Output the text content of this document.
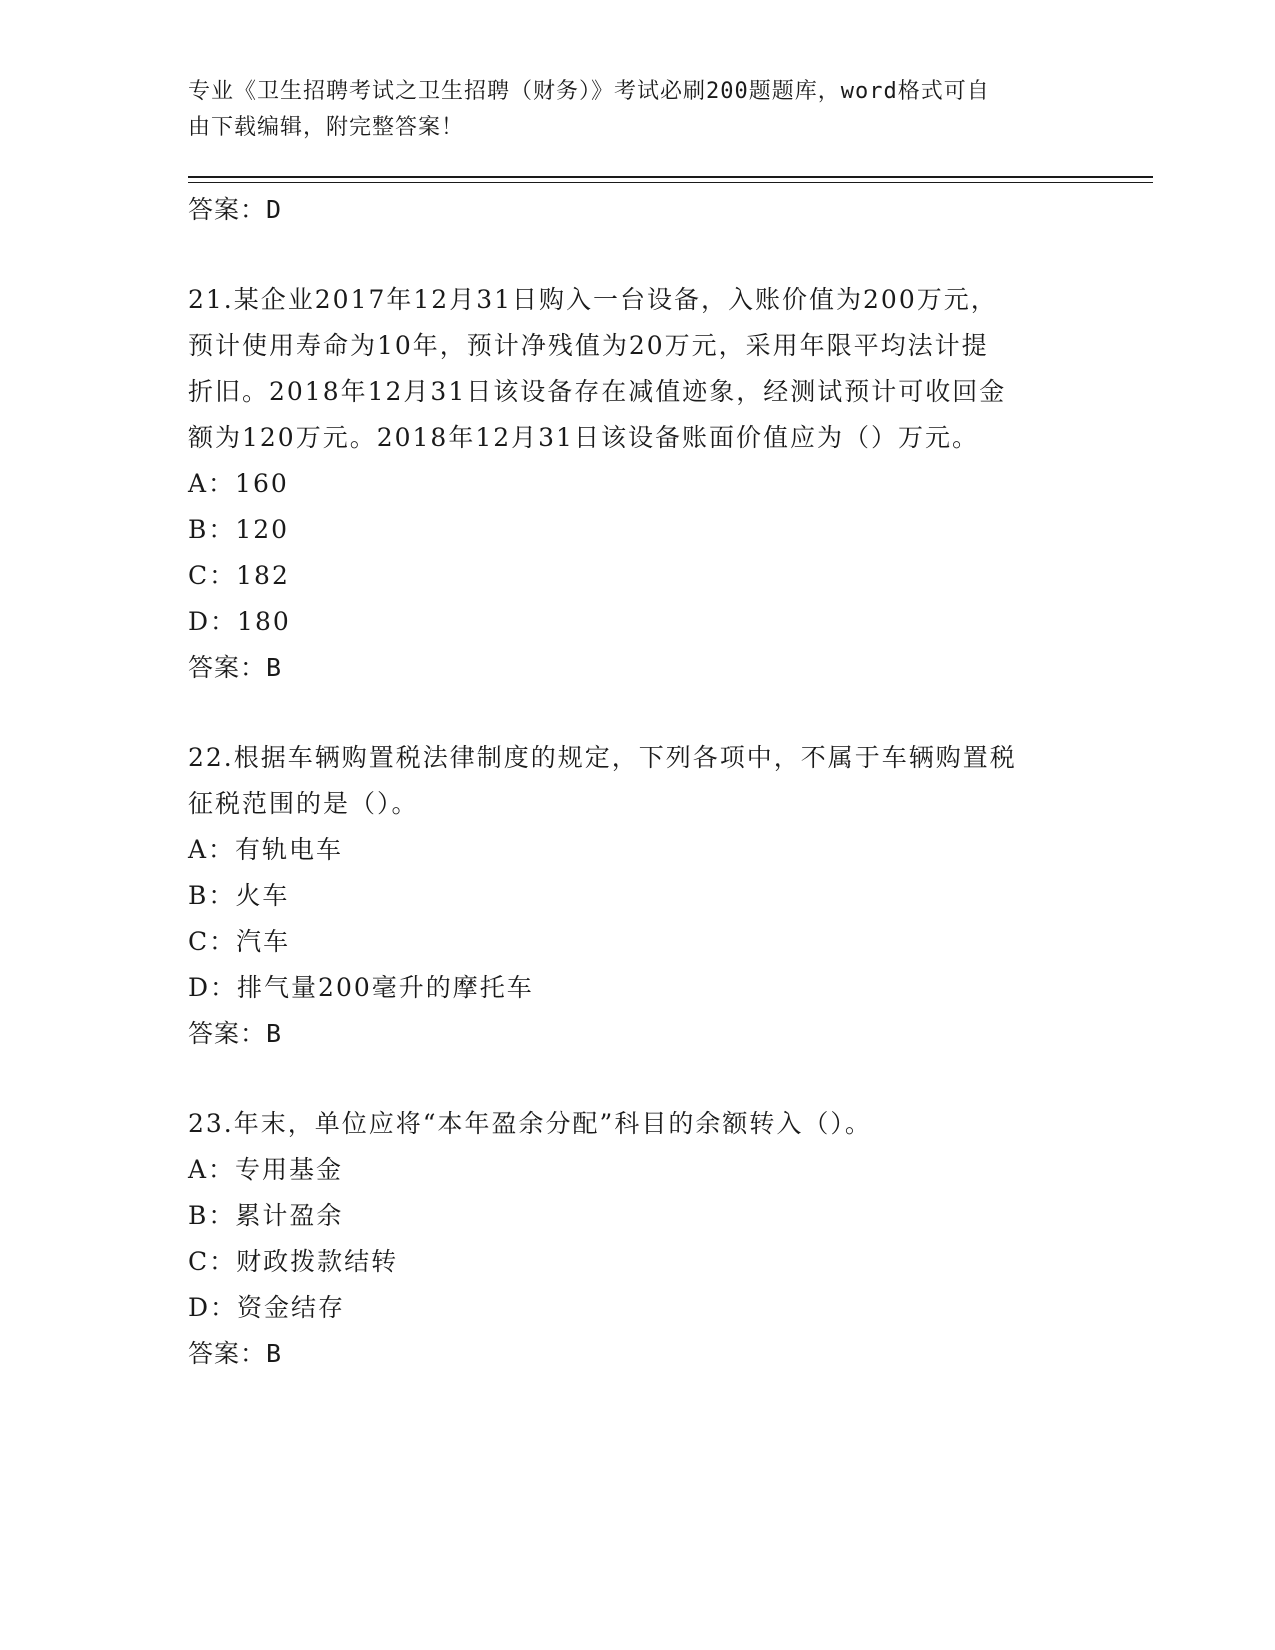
专业《卫生招聘考试之卫生招聘（财务）》考试必刷200题题库，word格式可自
由下载编辑，附完整答案！
答案：D
21.某企业2017年12月31日购入一台设备，入账价值为200万元，
预计使用寿命为10年，预计净残值为20万元，采用年限平均法计提
折旧。2018年12月31日该设备存在减值迹象，经测试预计可收回金
额为120万元。2018年12月31日该设备账面价值应为（）万元。
A：160
B：120
C：182
D：180
答案：B
22.根据车辆购置税法律制度的规定，下列各项中，不属于车辆购置税
征税范围的是（）。
A：有轨电车
B：火车
C：汽车
D：排气量200毫升的摩托车
答案：B
23.年末，单位应将“本年盈余分配”科目的余额转入（）。
A：专用基金
B：累计盈余
C：财政拨款结转
D：资金结存
答案：B
